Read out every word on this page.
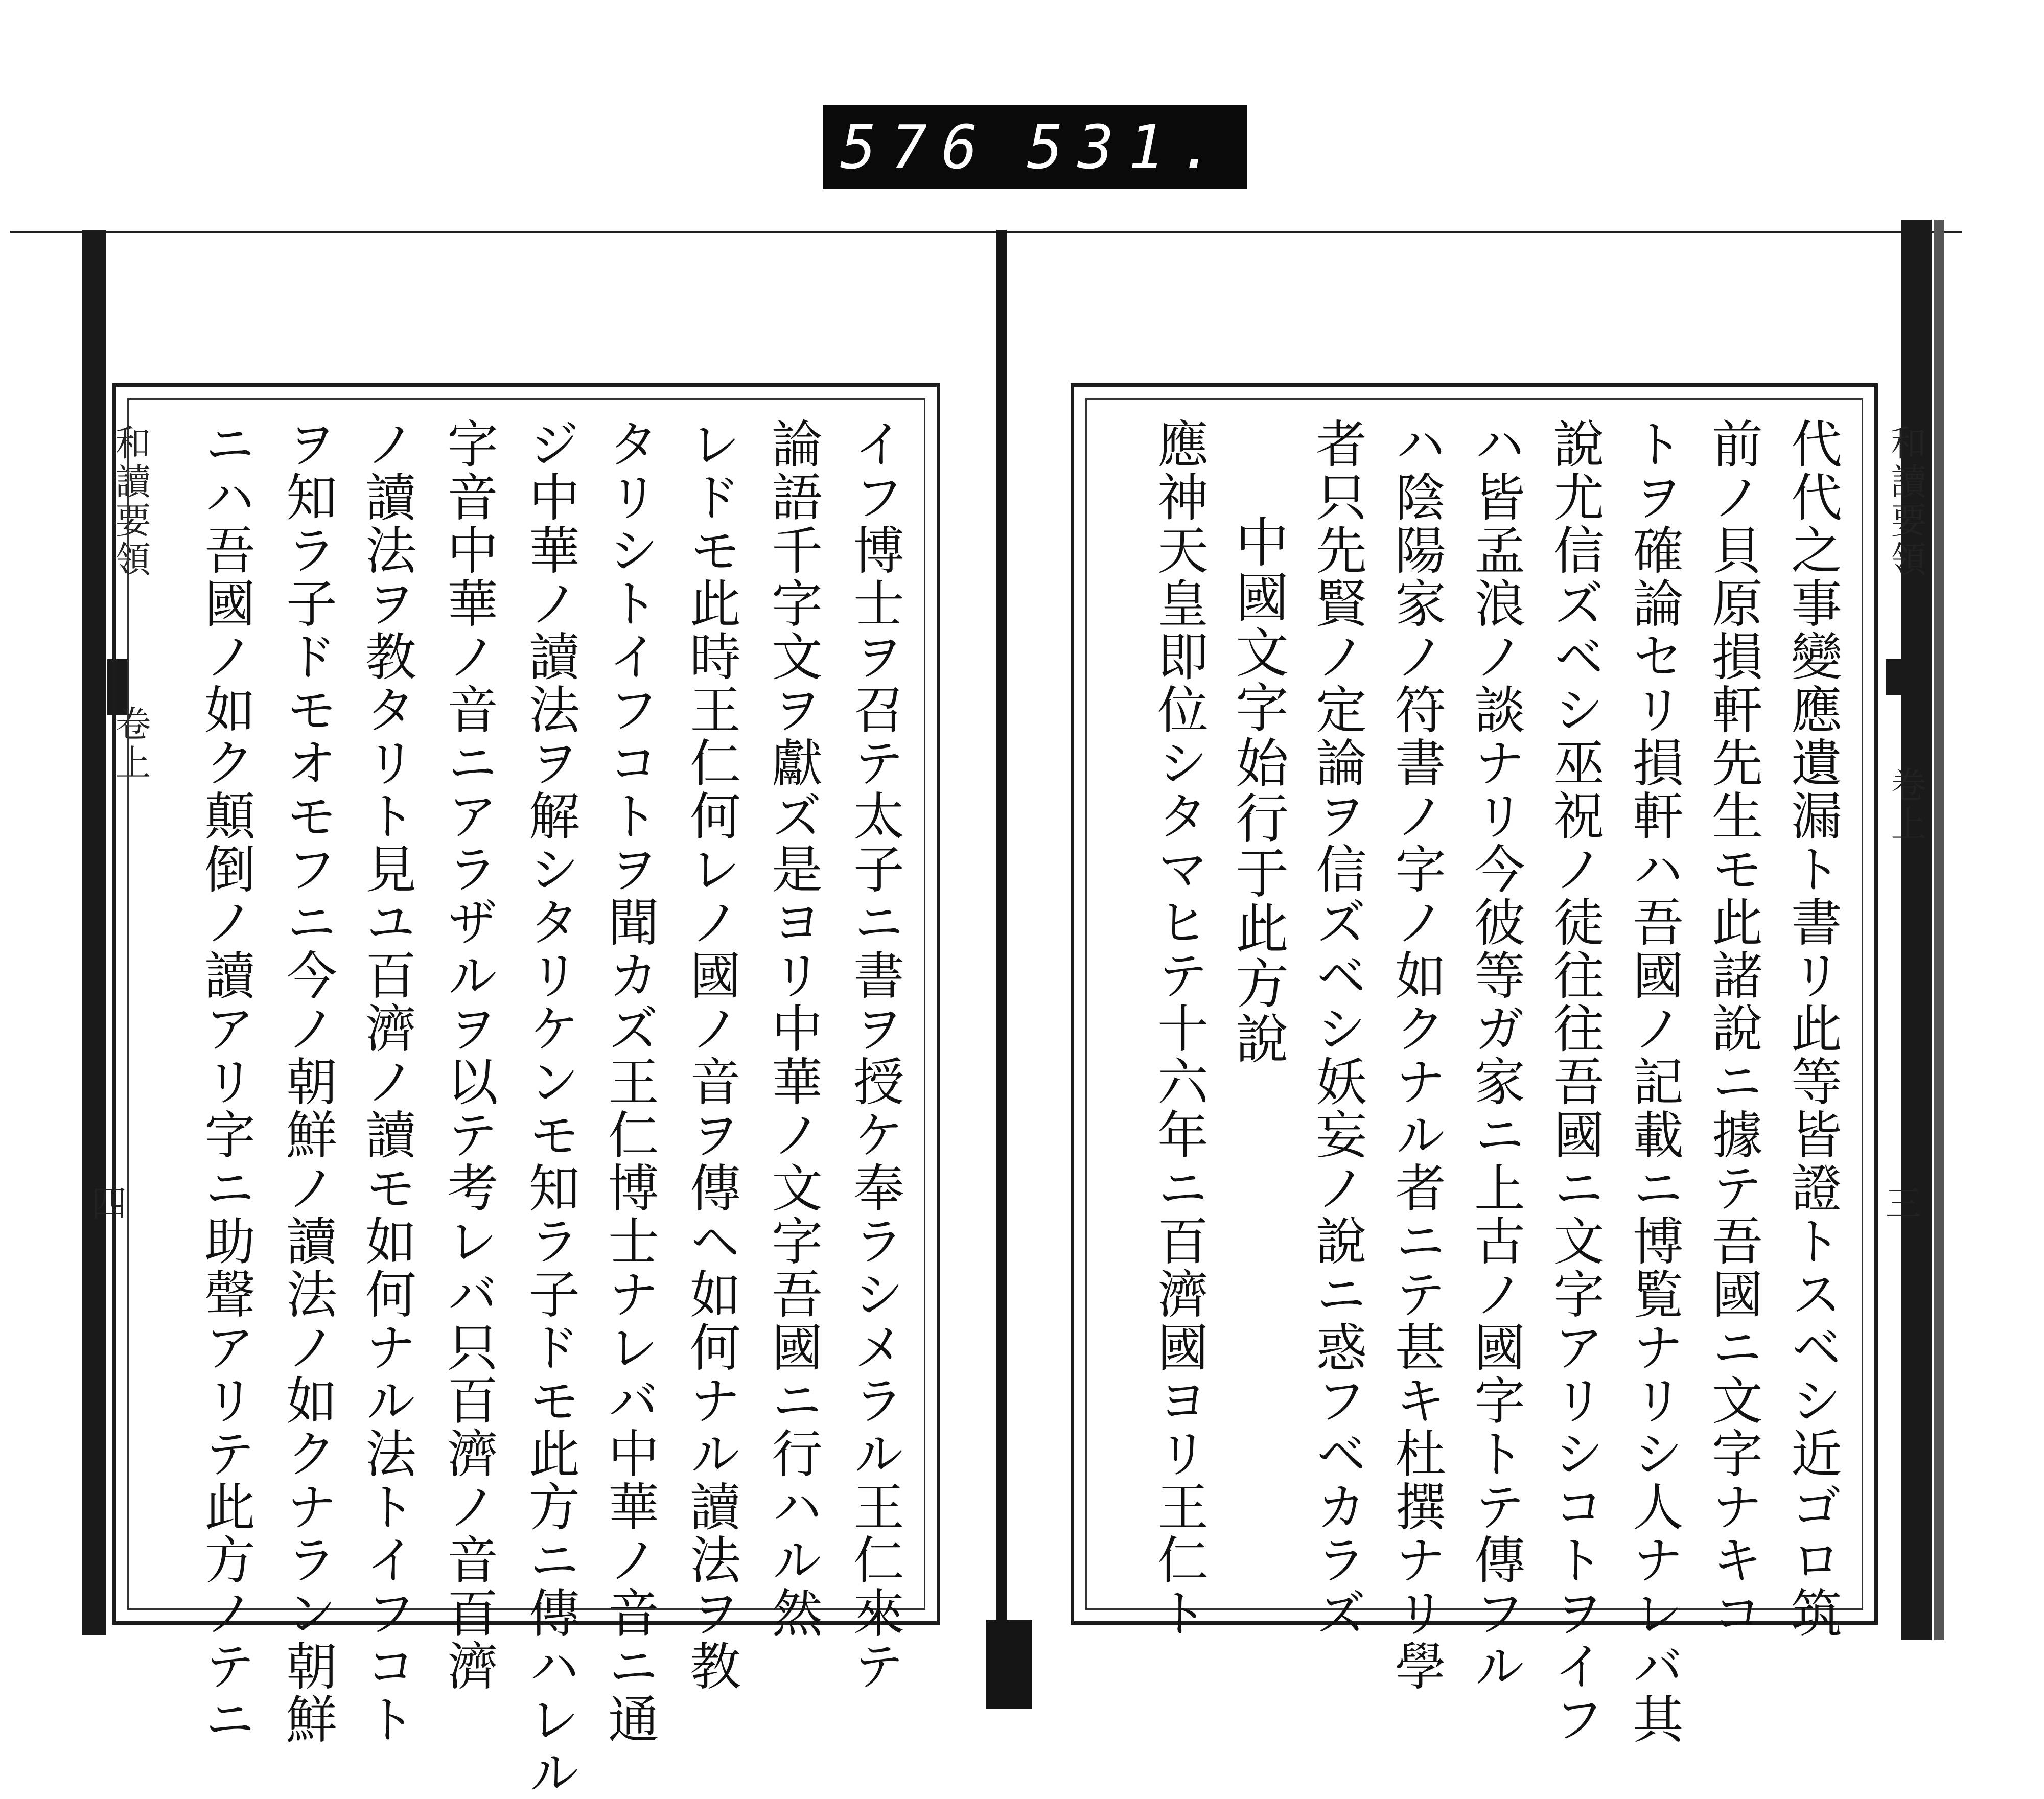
576 531.
和讀要領
卷上
四	イフ博士ヲ召テ太子ニ書ヲ授ケ奉ラシメラル王仁來テ
論語千字文ヲ獻ズ是ヨリ中華ノ文字吾國ニ行ハル然
レドモ此時王仁何レノ國ノ音ヲ傳ヘ如何ナル讀法ヲ教
タリシトイフコトヲ聞カズ王仁博士ナレバ中華ノ音ニ通
ジ中華ノ讀法ヲ解シタリケンモ知ラ子ドモ此方ニ傳ハレル
字音中華ノ音ニアラザルヲ以テ考レバ只百濟ノ音百濟
ノ讀法ヲ教タリト見ユ百濟ノ讀モ如何ナル法トイフコト
ヲ知ラ子ドモオモフニ今ノ朝鮮ノ讀法ノ如クナラン朝鮮
ニハ吾國ノ如ク顛倒ノ讀アリ字ニ助聲アリテ此方ノテニ	和讀要領
卷上
三
代代之事變應遺漏ト書リ此等皆證トスベシ近ゴロ筑
前ノ貝原損軒先生モ此諸說ニ據テ吾國ニ文字ナキコ
トヲ確論セリ損軒ハ吾國ノ記載ニ博覧ナリシ人ナレバ其
說尤信ズベシ巫祝ノ徒往往吾國ニ文字アリシコトヲイフ
ハ皆孟浪ノ談ナリ今彼等ガ家ニ上古ノ國字トテ傳フル
ハ陰陽家ノ符書ノ字ノ如クナル者ニテ甚キ杜撰ナリ學
者只先賢ノ定論ヲ信ズベシ妖妄ノ說ニ惑フベカラズ
中國文字始行于此方說
應神天皇即位シタマヒテ十六年ニ百濟國ヨリ王仁ト
